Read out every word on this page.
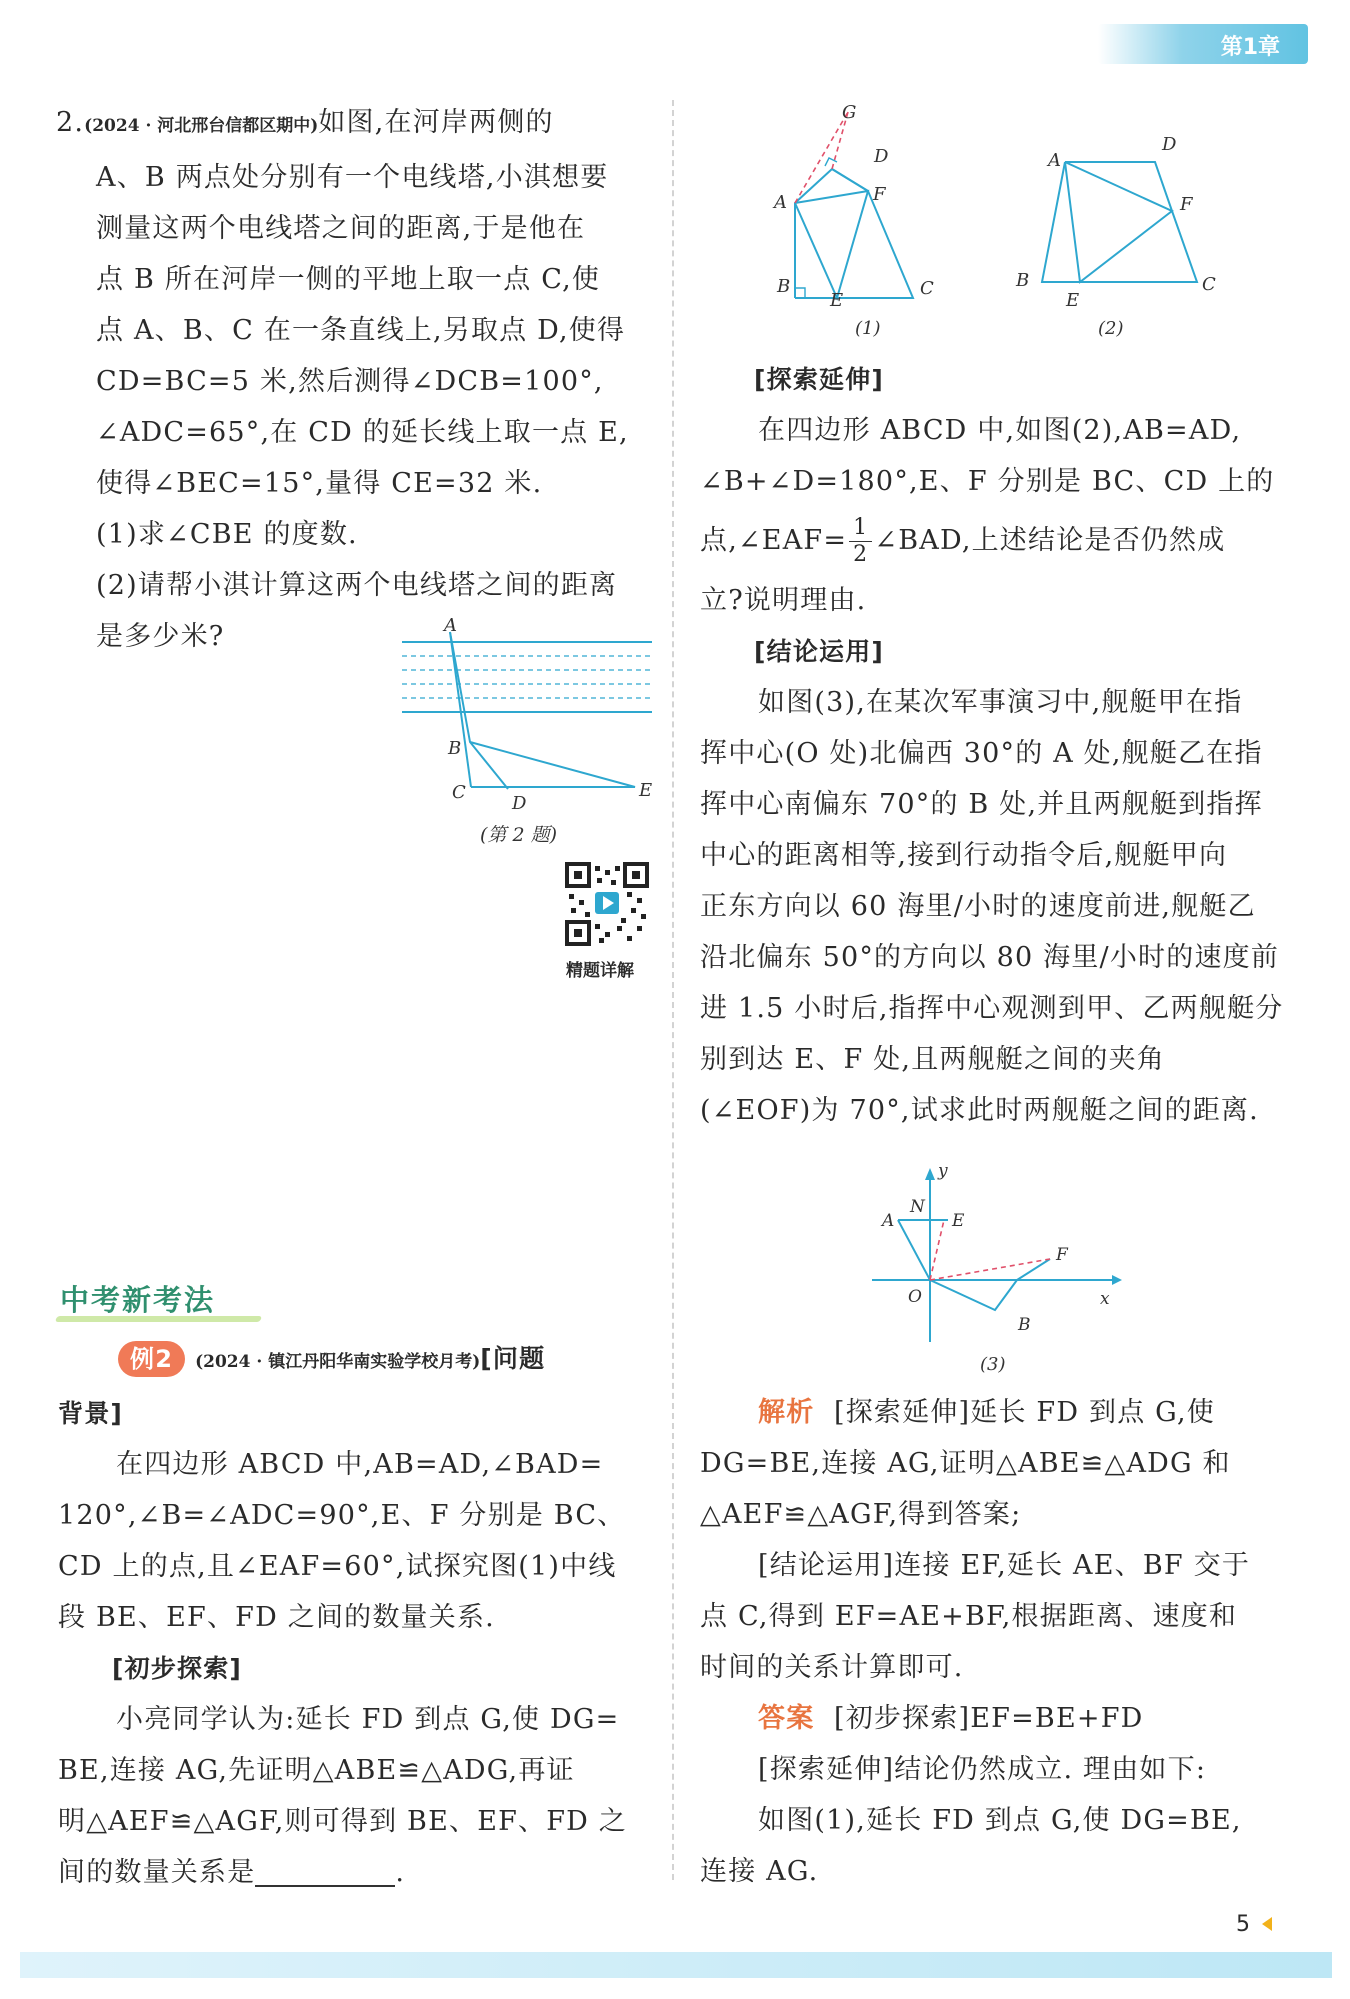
第1章

2.(2024 · 河北邢台信都区期中)如图,在河岸两侧的

A、B 两点处分别有一个电线塔,小淇想要

测量这两个电线塔之间的距离,于是他在

点 B 所在河岸一侧的平地上取一点 C,使

点 A、B、C 在一条直线上,另取点 D,使得

CD=BC=5 米,然后测得∠DCB=100°,

∠ADC=65°,在 CD 的延长线上取一点 E,

使得∠BEC=15°,量得 CE=32 米.

(1)求∠CBE 的度数.

(2)请帮小淇计算这两个电线塔之间的距离

是多少米?	A
B
C
D
E
(第 2 题)
精题详解
中考新考法

例2 (2024 · 镇江丹阳华南实验学校月考)[问题

背景]

在四边形 ABCD 中,AB=AD,∠BAD=

120°,∠B=∠ADC=90°,E、F 分别是 BC、

CD 上的点,且∠EAF=60°,试探究图(1)中线

段 BE、EF、FD 之间的数量关系.

[初步探索]

小亮同学认为:延长 FD 到点 G,使 DG=

BE,连接 AG,先证明△ABE≌△ADG,再证

明△AEF≌△AGF,则可得到 BE、EF、FD 之

间的数量关系是	.

G
D
A	F
B
E
C
(1)
A
D
F
B
E
C
(2)

[探索延伸]

在四边形 ABCD 中,如图(2),AB=AD,

∠B+∠D=180°,E、F 分别是 BC、CD 上的

点,∠EAF= $\frac{1}{2}$ ∠BAD,上述结论是否仍然成

立?说明理由.

[结论运用]

如图(3),在某次军事演习中,舰艇甲在指

挥中心(O 处)北偏西 30°的 A 处,舰艇乙在指

挥中心南偏东 70°的 B 处,并且两舰艇到指挥

中心的距离相等,接到行动指令后,舰艇甲向

正东方向以 60 海里/小时的速度前进,舰艇乙

沿北偏东 50°的方向以 80 海里/小时的速度前

进 1.5 小时后,指挥中心观测到甲、乙两舰艇分

别到达 E、F 处,且两舰艇之间的夹角

(∠EOF)为 70°,试求此时两舰艇之间的距离.

y
N
A	E
F
O	x
B
(3)

解析 [探索延伸]延长 FD 到点 G,使

DG=BE,连接 AG,证明△ABE≌△ADG 和

△AEF≌△AGF,得到答案;

[结论运用]连接 EF,延长 AE、BF 交于

点 C,得到 EF=AE+BF,根据距离、速度和

时间的关系计算即可.

答案 [初步探索]EF=BE+FD

[探索延伸]结论仍然成立. 理由如下:

如图(1),延长 FD 到点 G,使 DG=BE,

连接 AG.

5
